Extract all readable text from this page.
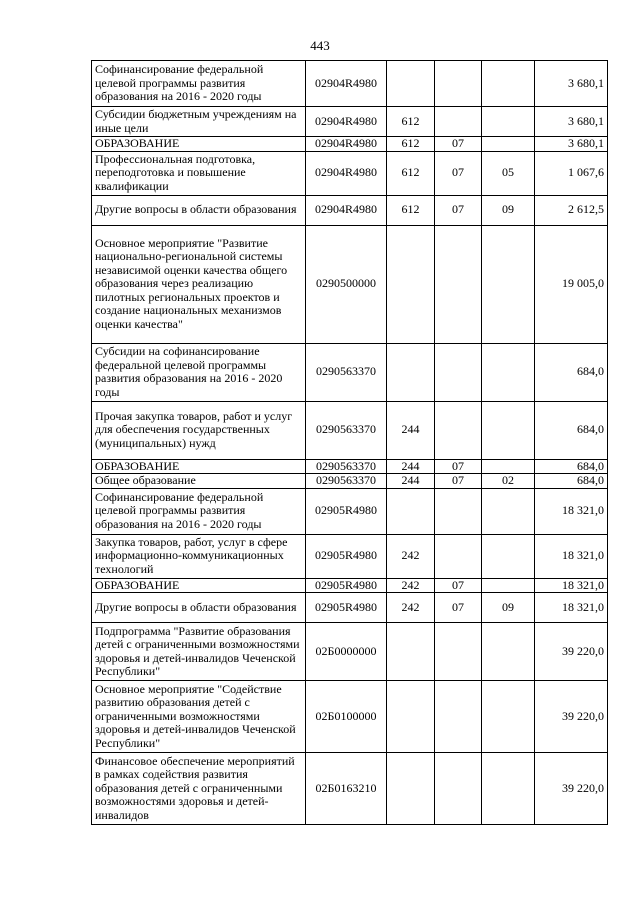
443
Софинансирование федеральной целевой программы развития образования на 2016 - 2020 годы	02904R4980				3 680,1
Субсидии бюджетным учреждениям на иные цели	02904R4980	612			3 680,1
ОБРАЗОВАНИЕ	02904R4980	612	07		3 680,1
Профессиональная подготовка, переподготовка и повышение квалификации	02904R4980	612	07	05	1 067,6
Другие вопросы в области образования	02904R4980	612	07	09	2 612,5
Основное мероприятие "Развитие национально-региональной системы независимой оценки качества общего образования через реализацию пилотных региональных проектов и создание национальных механизмов оценки качества"	0290500000				19 005,0
Субсидии на софинансирование федеральной целевой программы развития образования на 2016 - 2020 годы	0290563370				684,0
Прочая закупка товаров, работ и услуг для обеспечения государственных (муниципальных) нужд	0290563370	244			684,0
ОБРАЗОВАНИЕ	0290563370	244	07		684,0
Общее образование	0290563370	244	07	02	684,0
Софинансирование федеральной целевой программы развития образования на 2016 - 2020 годы	02905R4980				18 321,0
Закупка товаров, работ, услуг в сфере информационно-коммуникационных технологий	02905R4980	242			18 321,0
ОБРАЗОВАНИЕ	02905R4980	242	07		18 321,0
Другие вопросы в области образования	02905R4980	242	07	09	18 321,0
Подпрограмма "Развитие образования детей с ограниченными возможностями здоровья и детей-инвалидов Чеченской Республики"	02Б0000000				39 220,0
Основное мероприятие "Содействие развитию образования детей с ограниченными возможностями здоровья и детей-инвалидов Чеченской Республики"	02Б0100000				39 220,0
Финансовое обеспечение мероприятий в рамках содействия развития образования детей с ограниченными возможностями здоровья и детей-инвалидов	02Б0163210				39 220,0
